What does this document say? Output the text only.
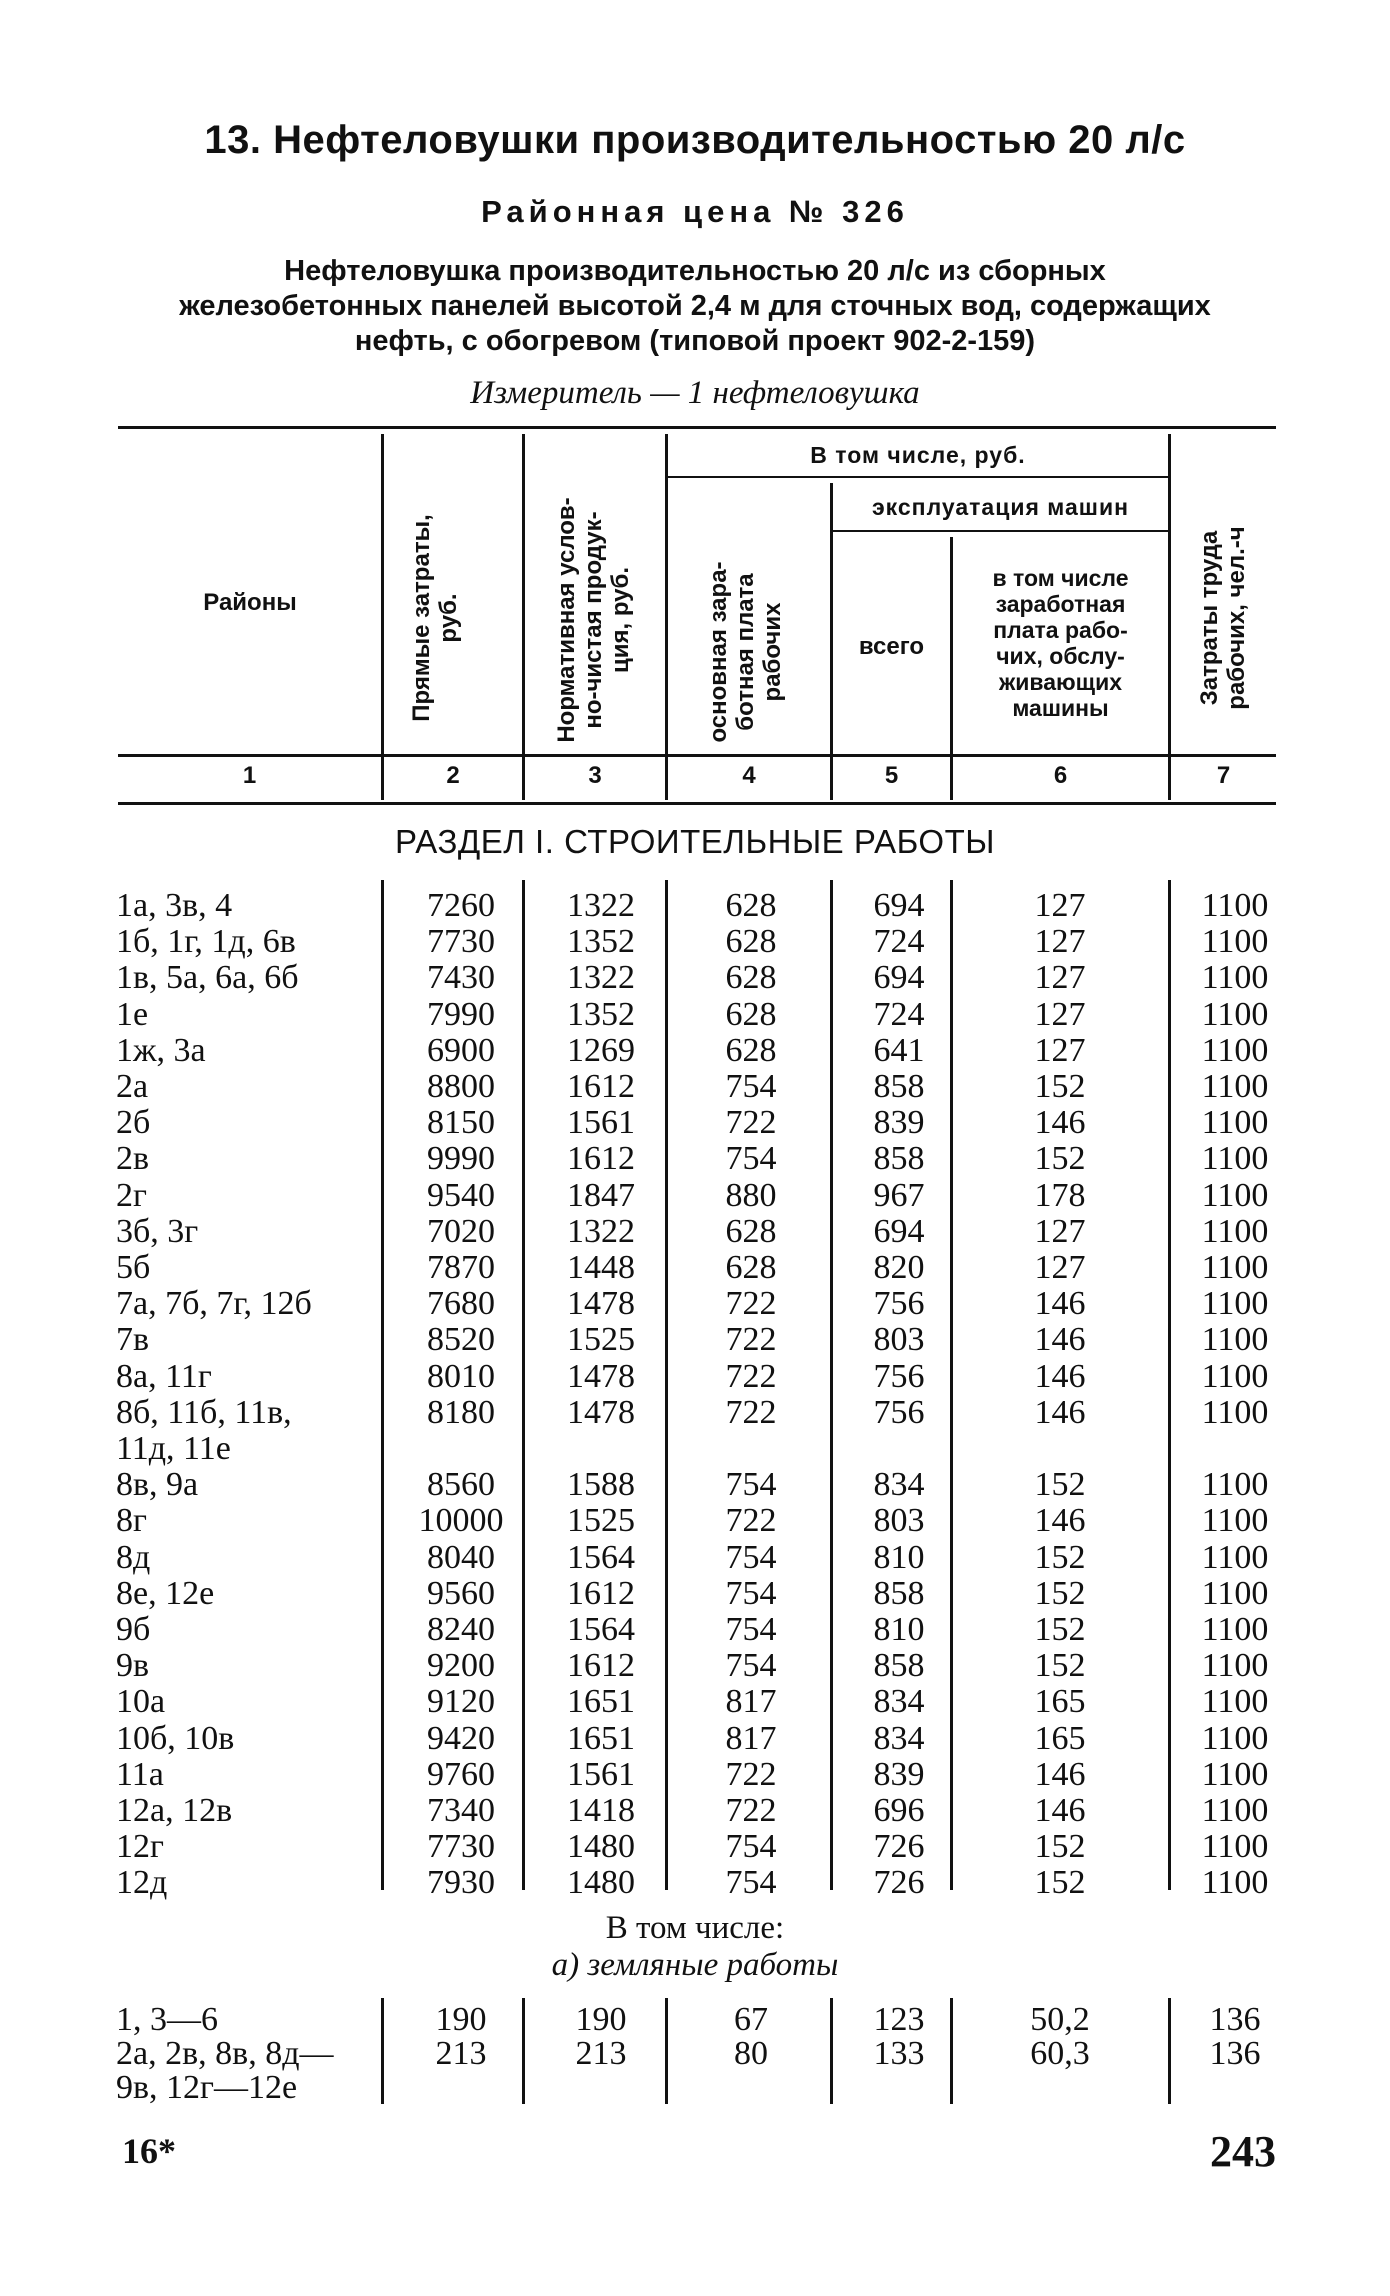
13. Нефтеловушки производительностью 20 л/с
Районная цена № 326
Нефтеловушка производительностью 20 л/с из сборных
железобетонных панелей высотой 2,4 м для сточных вод, содержащих
нефть, с обогревом (типовой проект 902-2-159)
Измеритель — 1 нефтеловушка
Районы	Прямые затраты, руб.	Нормативная услов- но-чистая продук- ция, руб.
В том числе, руб.
основная зара- ботная плата рабочих
эксплуатация машин
всего
в том числе
заработная
плата рабо-
чих, обслу-
живающих
машины
Затраты труда рабочих, чел.-ч
1	2	3	4	5	6	7
РАЗДЕЛ I. СТРОИТЕЛЬНЫЕ РАБОТЫ
1а, 3в, 4	7260	1322	628	694	127	1100
1б, 1г, 1д, 6в	7730	1352	628	724	127	1100
1в, 5а, 6а, 6б	7430	1322	628	694	127	1100
1е	7990	1352	628	724	127	1100
1ж, 3а	6900	1269	628	641	127	1100
2а	8800	1612	754	858	152	1100
2б	8150	1561	722	839	146	1100
2в	9990	1612	754	858	152	1100
2г	9540	1847	880	967	178	1100
3б, 3г	7020	1322	628	694	127	1100
5б	7870	1448	628	820	127	1100
7а, 7б, 7г, 12б	7680	1478	722	756	146	1100
7в	8520	1525	722	803	146	1100
8а, 11г	8010	1478	722	756	146	1100
8б, 11б, 11в,	8180	1478	722	756	146	1100
11д, 11е
8в, 9а	8560	1588	754	834	152	1100
8г	10000	1525	722	803	146	1100
8д	8040	1564	754	810	152	1100
8е, 12е	9560	1612	754	858	152	1100
9б	8240	1564	754	810	152	1100
9в	9200	1612	754	858	152	1100
10а	9120	1651	817	834	165	1100
10б, 10в	9420	1651	817	834	165	1100
11а	9760	1561	722	839	146	1100
12а, 12в	7340	1418	722	696	146	1100
12г	7730	1480	754	726	152	1100
12д	7930	1480	754	726	152	1100
В том числе:
а) земляные работы
1, 3—6	190	190	67	123	50,2	136
2а, 2в, 8в, 8д—	213	213	80	133	60,3	136
9в, 12г—12е
16*	243
